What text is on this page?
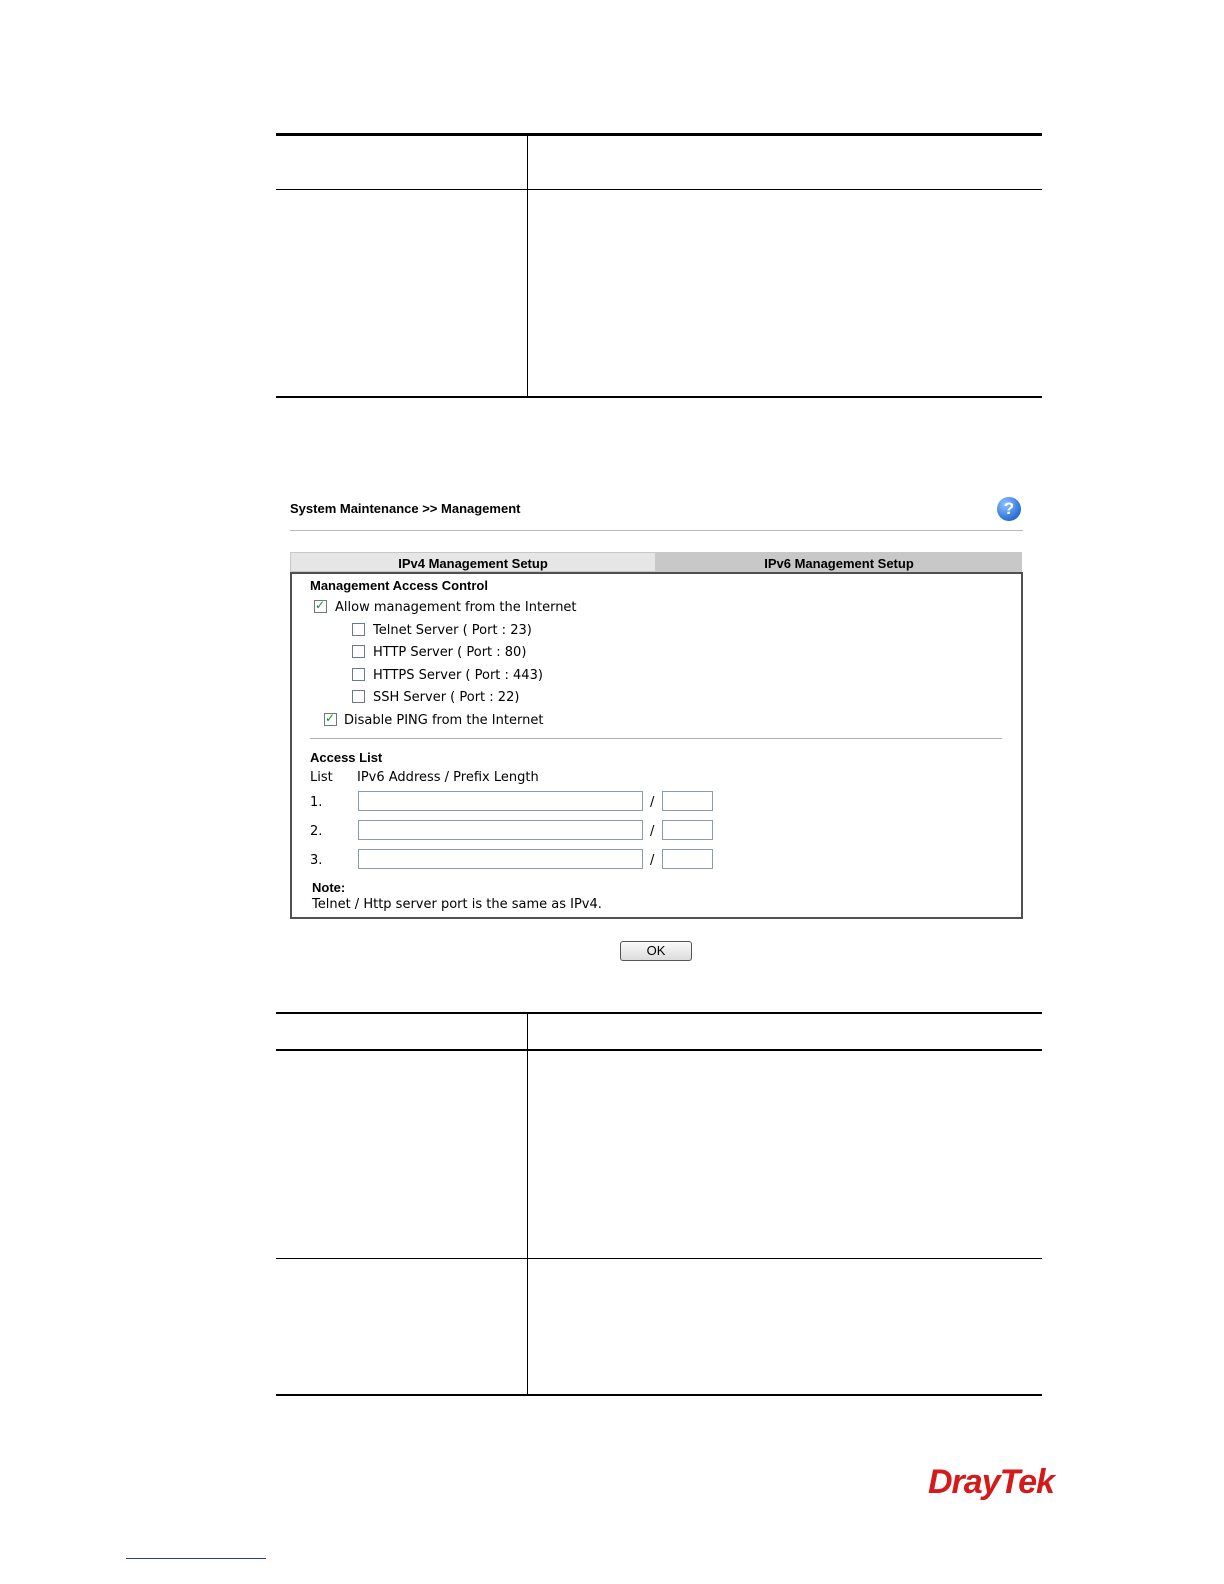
System Maintenance >> Management	?
IPv4 Management Setup	IPv6 Management Setup
Management Access Control
✓
Allow management from the Internet
Telnet Server ( Port : 23)
HTTP Server ( Port : 80)
HTTPS Server ( Port : 443)
SSH Server ( Port : 22)
✓
Disable PING from the Internet
Access List
List IPv6 Address / Prefix Length
1.	/
2.	/
3.	/
Note:
Telnet / Http server port is the same as IPv4.
OK
DrayTek
